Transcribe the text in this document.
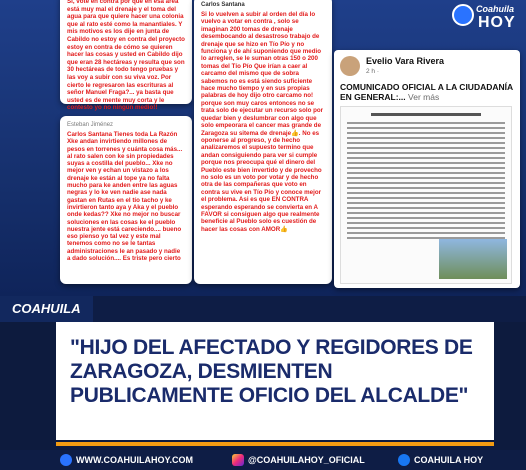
Si, vote en contra por que en esa área está muy mal el drenaje y el toma del agua para que quiere hacer una colonia que al rato esté como la manantiales. Y mis motivos es los dije en junta de Cabildo no estoy en contra del proyecto estoy en contra de cómo se quieren hacer las cosas y usted en Cabildo dijo que eran 28 hectáreas y resulta que son 30 hectáreas de todo tengo pruebas y las voy a subir con su viva voz. Por cierto le regresaron las escrituras al señor Manuel Fraga?... ya basta que usted es de mente muy corta y le contesto yo no ningún medio!!

Esteban Jiménez

Carlos Santana Tienes toda La Razón Xke andan invirtiendo millones de pesos en torrenes y cuánta cosa más... al rato salen con ke sin propiedades suyas a costilla del pueblo... Xke no mejor ven y echan un vistazo a los drenaje ke están al tope ya no falta mucho para ke anden entre las aguas negras y lo ke ven nadie ase nada gastan en Rutas en el tío tacho y ke invirtieron tanto aya y Aka y el pueblo onde kedas?? Xke no mejor no buscar soluciones en las cosas ke el pueblo nuestra jente está careciendo.... bueno eso pienso yo tal vez y este mal tenemos como no se le tantas administraciones le an pasado y nadie a dado solución.... Es triste pero cierto

Carlos Santana

Si lo vuelven a subir al orden del día lo vuelvo a votar en contra , solo se imaginan 200 tomas de drenaje desembocando al desastroso trabajo de drenaje que se hizo en Tío Pío y no funciona y de ahí suponiendo que medio lo arreglen, se le suman otras 150 o 200 tomas del Tío Pío Que irían a caer al carcamo del mismo que de sobra sabemos no es está siendo suficiente hace mucho tiempo y en sus propias palabras de hoy dijo otro carcamo no! porque son muy caros entonces no se trata solo de ejecutar un recurso solo por quedar bien y deslumbrar con algo que solo empeorara el cancer mas grande de Zaragoza su sitema de drenaje👍. No es oponerse al progreso, y de hecho analizaremos el supuesto termino que andan consiguiendo para ver si cumple porque nos preocupa qué el dinero del Pueblo este bien invertido y de provecho no solo es un voto por votar y de hecho otra de las compañeras que voto en contra su vive en Tío Pío y conoce mejor el problema. Asi es que EN CONTRA esperando esperando se convierta en A FAVOR si consiguen algo que realmente beneficie al Pueblo solo es cuestión de hacer las cosas con AMOR👍

Evelio Vara Rivera
2 h ·
COMUNICADO OFICIAL A LA CIUDADANÍA EN GENERAL:... Ver más
Coahuila
HOY
COAHUILA
"HIJO DEL AFECTADO Y REGIDORES DE ZARAGOZA, DESMIENTEN PUBLICAMENTE OFICIO DEL ALCALDE"
WWW.COAHUILAHOY.COM	@COAHUILAHOY_OFICIAL	COAHUILA HOY
